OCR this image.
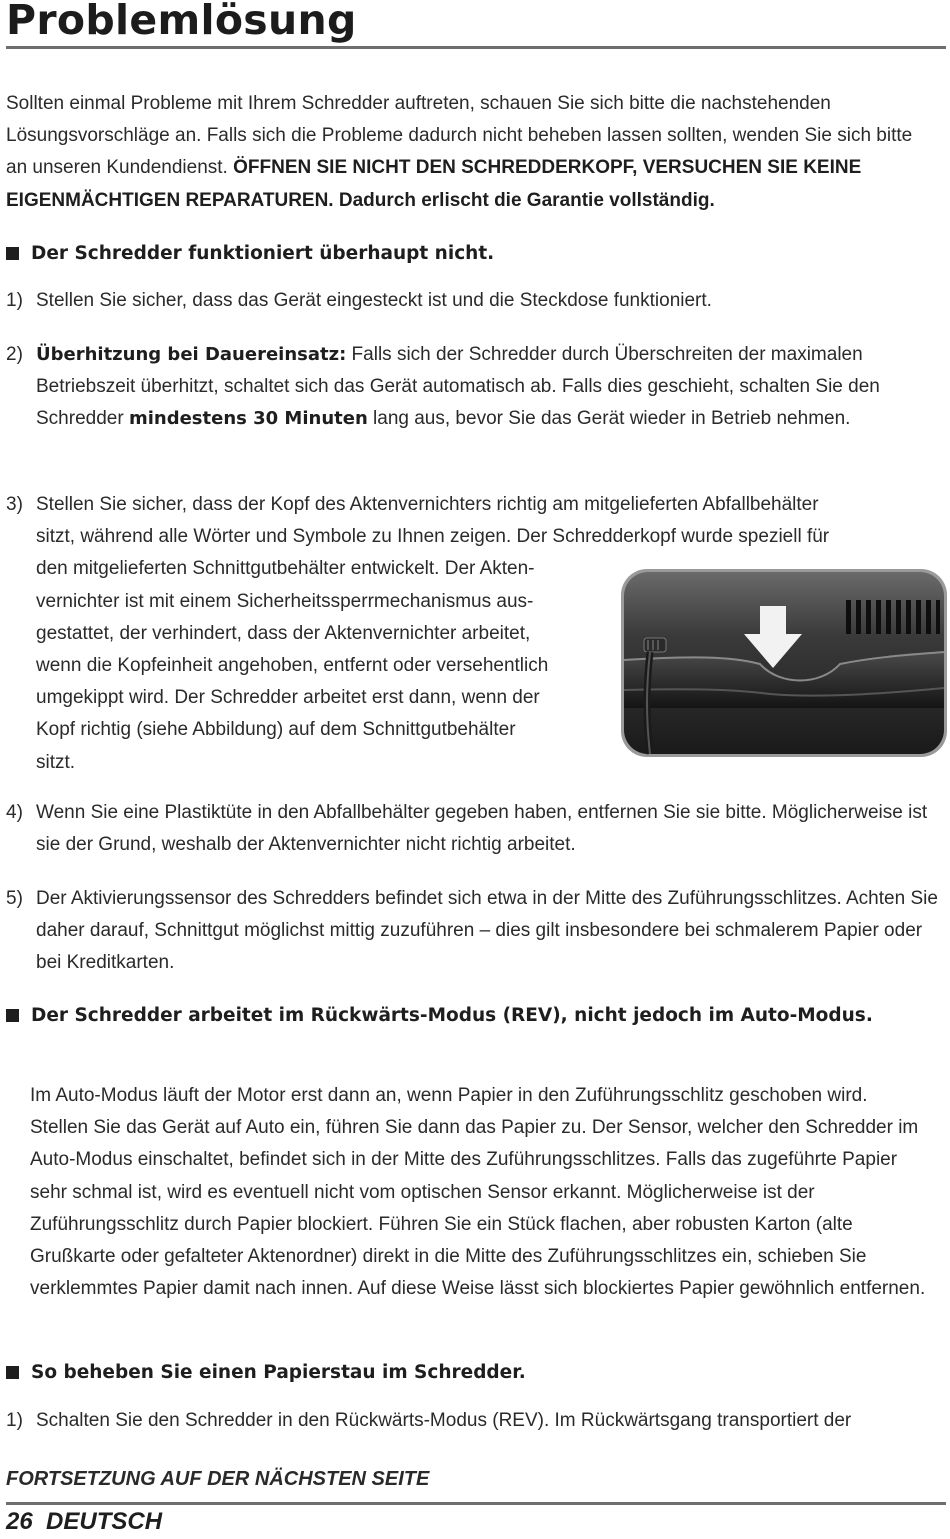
Problemlösung

Sollten einmal Probleme mit Ihrem Schredder auftreten, schauen Sie sich bitte die nachstehenden Lösungsvorschläge an. Falls sich die Probleme dadurch nicht beheben lassen sollten, wenden Sie sich bitte an unseren Kundendienst. ÖFFNEN SIE NICHT DEN SCHREDDERKOPF, VERSUCHEN SIE KEINE EIGENMÄCHTIGEN REPARATUREN. Dadurch erlischt die Garantie vollständig.

Der Schredder funktioniert überhaupt nicht.
1) Stellen Sie sicher, dass das Gerät eingesteckt ist und die Steckdose funktioniert.

2) Überhitzung bei Dauereinsatz: Falls sich der Schredder durch Überschreiten der maximalen Betriebszeit überhitzt, schaltet sich das Gerät automatisch ab. Falls dies geschieht, schalten Sie den Schredder mindestens 30 Minuten lang aus, bevor Sie das Gerät wieder in Betrieb nehmen.

3) Stellen Sie sicher, dass der Kopf des Aktenvernichters richtig am mitgelieferten Abfallbehälter
sitzt, während alle Wörter und Symbole zu Ihnen zeigen. Der Schredderkopf wurde speziell für
den mitgelieferten Schnittgutbehälter entwickelt. Der Akten-
vernichter ist mit einem Sicherheitssperrmechanismus aus-
gestattet, der verhindert, dass der Aktenvernichter arbeitet,
wenn die Kopfeinheit angehoben, entfernt oder versehentlich
umgekippt wird. Der Schredder arbeitet erst dann, wenn der
Kopf richtig (siehe Abbildung) auf dem Schnittgutbehälter
sitzt.
4) Wenn Sie eine Plastiktüte in den Abfallbehälter gegeben haben, entfernen Sie sie bitte. Möglicherweise ist sie der Grund, weshalb der Aktenvernichter nicht richtig arbeitet.

5) Der Aktivierungssensor des Schredders befindet sich etwa in der Mitte des Zuführungsschlitzes. Achten Sie daher darauf, Schnittgut möglichst mittig zuzuführen – dies gilt insbesondere bei schmalerem Papier oder bei Kreditkarten.

Der Schredder arbeitet im Rückwärts-Modus (REV), nicht jedoch im Auto-Modus.

Im Auto-Modus läuft der Motor erst dann an, wenn Papier in den Zuführungsschlitz geschoben wird. Stellen Sie das Gerät auf Auto ein, führen Sie dann das Papier zu. Der Sensor, welcher den Schredder im Auto-Modus einschaltet, befindet sich in der Mitte des Zuführungsschlitzes. Falls das zugeführte Papier sehr schmal ist, wird es eventuell nicht vom optischen Sensor erkannt. Möglicherweise ist der Zuführungsschlitz durch Papier blockiert. Führen Sie ein Stück flachen, aber robusten Karton (alte Grußkarte oder gefalteter Aktenordner) direkt in die Mitte des Zuführungsschlitzes ein, schieben Sie verklemmtes Papier damit nach innen. Auf diese Weise lässt sich blockiertes Papier gewöhnlich entfernen.

So beheben Sie einen Papierstau im Schredder.
1) Schalten Sie den Schredder in den Rückwärts-Modus (REV). Im Rückwärtsgang transportiert der

FORTSETZUNG AUF DER NÄCHSTEN SEITE

26 DEUTSCH
